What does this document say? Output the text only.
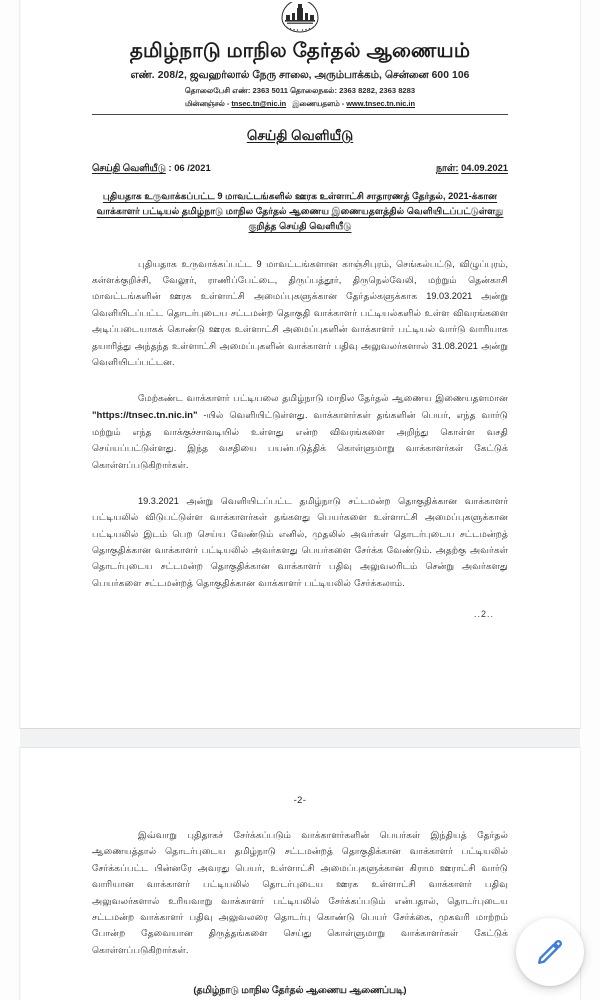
தமிழ்நாடு மாநில தேர்தல் ஆணையம்
எண். 208/2, ஜவஹர்லால் நேரு சாலை, அரும்பாக்கம், சென்னை 600 106
தொலைபேசி எண்: 2363 5011 தொலைநகல்: 2363 8282, 2363 8283
மின்னஞ்சல் - tnsec.tn@nic.in இணையதளம் - www.tnsec.tn.nic.in
செய்தி வெளியீடு
செய்தி வெளியீடு : 06 /2021	நாள்: 04.09.2021
புதியதாக உருவாக்கப்பட்ட 9 மாவட்டங்களில் ஊரக உள்ளாட்சி சாதாரணத் தேர்தல், 2021-க்கான வாக்காளர் பட்டியல் தமிழ்நாடு மாநில தேர்தல் ஆணைய இணையதளத்தில் வெளியிடப்பட்டுள்ளது குறித்த செய்தி வெளியீடு
புதியதாக உருவாக்கப்பட்ட 9 மாவட்டங்களான காஞ்சிபுரம், செங்கல்பட்டு, விழுப்புரம், கள்ளக்குறிச்சி, வேலூர், ராணிப்பேட்டை, திருப்பத்தூர், திருநெல்வேலி, மற்றும் தென்காசி மாவட்டங்களின் ஊரக உள்ளாட்சி அமைப்புகளுக்கான தேர்தல்களுக்காக 19.03.2021 அன்று வெளியிடப்பட்ட தொடர்புடைய சட்டமன்ற தொகுதி வாக்காளர் பட்டியல்களில் உள்ள விவரங்களை அடிப்படையாகக் கொண்டு ஊரக உள்ளாட்சி அமைப்புகளின் வாக்காளர் பட்டியல் வார்டு வாரியாக தயாரித்து அந்தந்த உள்ளாட்சி அமைப்புகளின் வாக்காளர் பதிவு அலுவலர்களால் 31.08.2021 அன்று வெளியிடப்பட்டன.
மேற்கண்ட வாக்காளர் பட்டியலை தமிழ்நாடு மாநில தேர்தல் ஆணைய இணையதளமான "https://tnsec.tn.nic.in" -யில் வெளியிட்டுள்ளது. வாக்காளர்கள் தங்களின் பெயர், எந்த வார்டு மற்றும் எந்த வாக்குச்சாவடியில் உள்ளது என்ற விவரங்களை அறிந்து கொள்ள வசதி செய்யப்பட்டுள்ளது. இந்த வசதியை பயன்படுத்திக் கொள்ளுமாறு வாக்காளர்கள் கேட்டுக் கொள்ளப்படுகிறார்கள்.
19.3.2021 அன்று வெளியிடப்பட்ட தமிழ்நாடு சட்டமன்ற தொகுதிக்கான வாக்காளர் பட்டியலில் விடுபட்டுள்ள வாக்காளர்கள் தங்களது பெயர்களை உள்ளாட்சி அமைப்புகளுக்கான பட்டியலில் இடம் பெற செய்ய வேண்டும் எனில், முதலில் அவர்கள் தொடர்புடைய சட்டமன்றத் தொகுதிக்கான வாக்காளர் பட்டியலில் அவர்களது பெயர்களை சேர்க்க வேண்டும். அதற்கு அவர்கள் தொடர்புடைய சட்டமன்ற தொகுதிக்கான வாக்காளர் பதிவு அலுவலரிடம் சென்று அவர்களது பெயர்களை சட்டமன்றத் தொகுதிக்கான வாக்காளர் பட்டியலில் சேர்க்கலாம்.
..2..
-2-
இவ்வாறு புதிதாகச் சேர்க்கப்படும் வாக்காளர்களின் பெயர்கள் இந்தியத் தேர்தல் ஆணையத்தால் தொடர்புடைய தமிழ்நாடு சட்டமன்றத் தொகுதிக்கான வாக்காளர் பட்டியலில் சேர்க்கப்பட்ட பின்னரே அவரது பெயர், உள்ளாட்சி அமைப்புகளுக்கான கிராம ஊராட்சி வார்டு வாரியான வாக்காளர் பட்டியலில் தொடர்புடைய ஊரக உள்ளாட்சி வாக்காளர் பதிவு அலுவலர்களால் உரியவாறு வாக்காளர் பட்டியலில் சேர்க்கப்படும் என்பதால், தொடர்புடைய சட்டமன்ற வாக்காளர் பதிவு அலுவலரை தொடர்பு கொண்டு பெயர் சேர்க்கை, முகவரி மாற்றம் போன்ற தேவையான திருத்தங்களை செய்து கொள்ளுமாறு வாக்காளர்கள் கேட்டுக் கொள்ளப்படுகிறார்கள்.
(தமிழ்நாடு மாநில தேர்தல் ஆணைய ஆணைப்படி)
